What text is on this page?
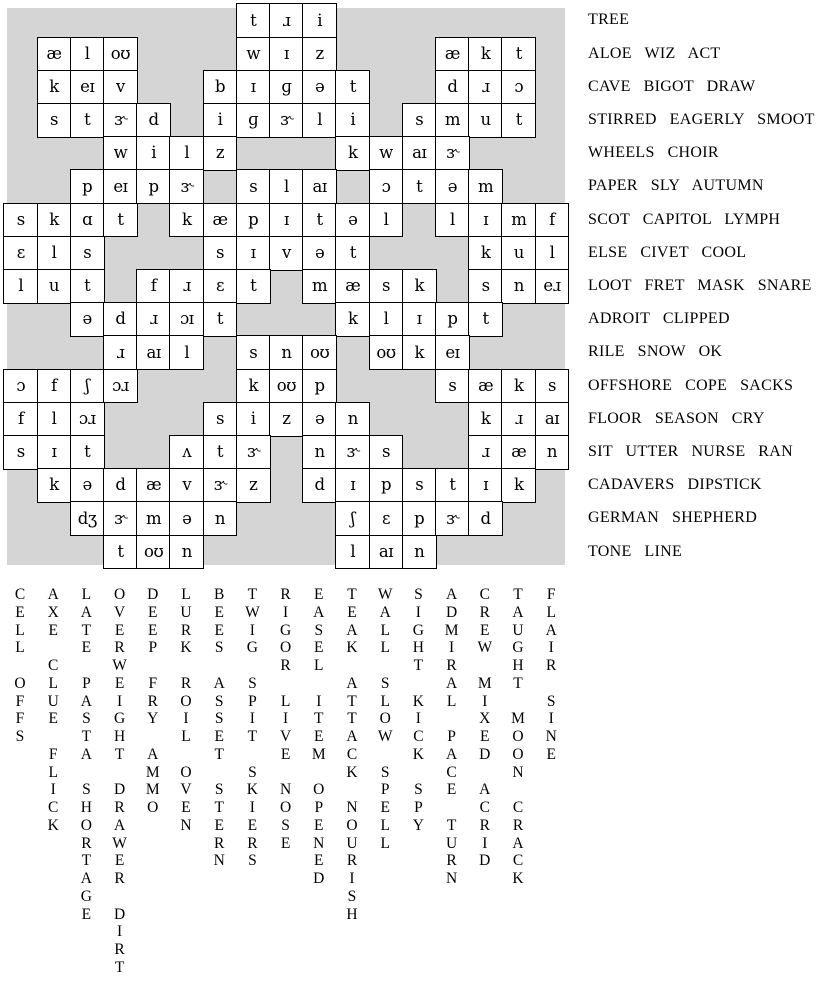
t	ɹ	i
æ	l	oʊ	w	ɪ	z	æ	k	t
k	eɪ	v	b	ɪ	ɡ	ə	t	d	ɹ	ɔ
s	t	ɝ	d	i	ɡ	ɝ	l	i	s	m	u	t
w	i	l	z	k	w	aɪ	ɝ
p	eɪ	p	ɝ	s	l	aɪ	ɔ	t	ə	m
s	k	ɑ	t	k	æ	p	ɪ	t	ə	l	l	ɪ	m	f
ɛ	l	s	s	ɪ	v	ə	t	k	u	l
l	u	t	f	ɹ	ɛ	t	m	æ	s	k	s	n	eɹ
ə	d	ɹ	ɔɪ	t	k	l	ɪ	p	t
ɹ	aɪ	l	s	n	oʊ	oʊ	k	eɪ
ɔ	f	ʃ	ɔɹ	k	oʊ	p	s	æ	k	s
f	l	ɔɹ	s	i	z	ə	n	k	ɹ	aɪ
s	ɪ	t	ʌ	t	ɝ	n	ɝ	s	ɹ	æ	n
k	ə	d	æ	v	ɝ	z	d	ɪ	p	s	t	ɪ	k
dʒ	ɝ	m	ə	n	ʃ	ɛ	p	ɝ	d
t	oʊ	n	l	aɪ	n
TREE
ALOE   WIZ   ACT
CAVE   BIGOT   DRAW
STIRRED   EAGERLY   SMOOT
WHEELS   CHOIR
PAPER   SLY   AUTUMN
SCOT   CAPITOL   LYMPH
ELSE   CIVET   COOL
LOOT   FRET   MASK   SNARE
ADROIT   CLIPPED
RILE   SNOW   OK
OFFSHORE   COPE   SACKS
FLOOR   SEASON   CRY
SIT   UTTER   NURSE   RAN
CADAVERS   DIPSTICK
GERMAN   SHEPHERD
TONE   LINE
C
E
L
L
O
F
F
S
A
X
E
C
L
U
E
F
L
I
C
K
L
A
T
E
P
A
S
T
A
S
H
O
R
T
A
G
E
O
V
E
R
W
E
I
G
H
T
D
R
A
W
E
R
D
I
R
T
D
E
E
P
F
R
Y
A
M
M
O
L
U
R
K
R
O
I
L
O
V
E
N
B
E
E
S
A
S
S
E
T
S
T
E
R
N
T
W
I
G
S
P
I
T
S
K
I
E
R
S
R
I
G
O
R
L
I
V
E
N
O
S
E
E
A
S
E
L
I
T
E
M
O
P
E
N
E
D
T
E
A
K
A
T
T
A
C
K
N
O
U
R
I
S
H
W
A
L
L
S
L
O
W
S
P
E
L
L
S
I
G
H
T
K
I
C
K
S
P
Y
A
D
M
I
R
A
L
P
A
C
E
T
U
R
N
C
R
E
W
M
I
X
E
D
A
C
R
I
D
T
A
U
G
H
T
M
O
O
N
C
R
A
C
K
F
L
A
I
R
S
I
N
E
